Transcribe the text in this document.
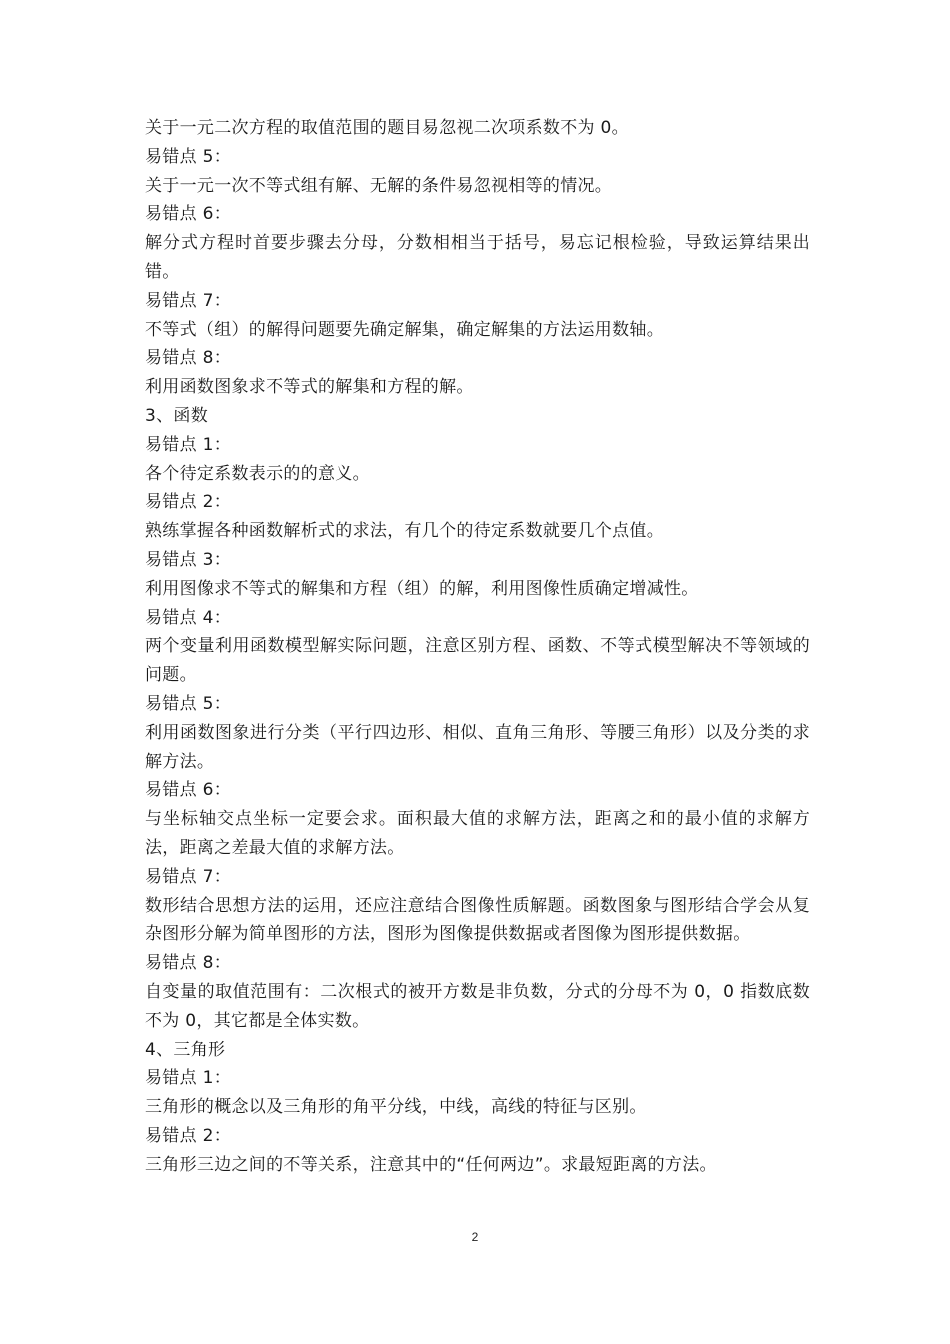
关于一元二次方程的取值范围的题目易忽视二次项系数不为 0。
易错点 5：
关于一元一次不等式组有解、无解的条件易忽视相等的情况。
易错点 6：
解分式方程时首要步骤去分母，分数相相当于括号，易忘记根检验，导致运算结果出错。
易错点 7：
不等式（组）的解得问题要先确定解集，确定解集的方法运用数轴。
易错点 8：
利用函数图象求不等式的解集和方程的解。
3、函数
易错点 1：
各个待定系数表示的的意义。
易错点 2：
熟练掌握各种函数解析式的求法，有几个的待定系数就要几个点值。
易错点 3：
利用图像求不等式的解集和方程（组）的解，利用图像性质确定增减性。
易错点 4：
两个变量利用函数模型解实际问题，注意区别方程、函数、不等式模型解决不等领域的问题。
易错点 5：
利用函数图象进行分类（平行四边形、相似、直角三角形、等腰三角形）以及分类的求解方法。
易错点 6：
与坐标轴交点坐标一定要会求。面积最大值的求解方法，距离之和的最小值的求解方法，距离之差最大值的求解方法。
易错点 7：
数形结合思想方法的运用，还应注意结合图像性质解题。函数图象与图形结合学会从复杂图形分解为简单图形的方法，图形为图像提供数据或者图像为图形提供数据。
易错点 8：
自变量的取值范围有：二次根式的被开方数是非负数，分式的分母不为 0，0 指数底数不为 0，其它都是全体实数。
4、三角形
易错点 1：
三角形的概念以及三角形的角平分线，中线，高线的特征与区别。
易错点 2：
三角形三边之间的不等关系，注意其中的“任何两边”。求最短距离的方法。
2
